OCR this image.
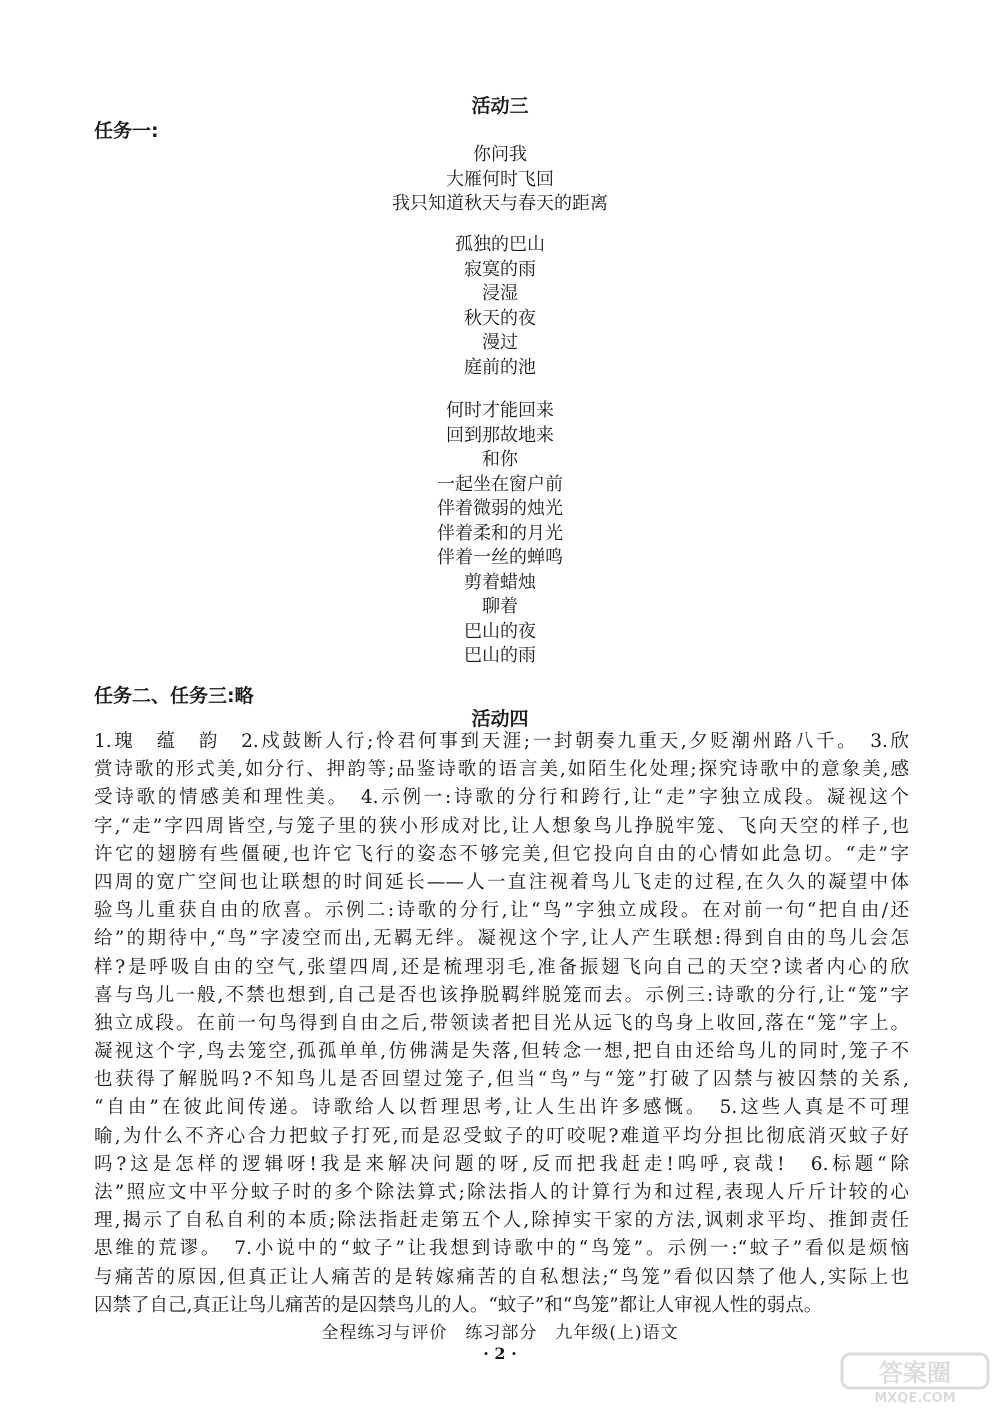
活动三
任务一:
你问我
大雁何时飞回
我只知道秋天与春天的距离
孤独的巴山
寂寞的雨
浸湿
秋天的夜
漫过
庭前的池
何时才能回来
回到那故地来
和你
一起坐在窗户前
伴着微弱的烛光
伴着柔和的月光
伴着一丝的蝉鸣
剪着蜡烛
聊着
巴山的夜
巴山的雨
任务二、任务三:略
活动四
1.瑰　蕴　韵　2.戍鼓断人行;怜君何事到天涯;一封朝奏九重天,夕贬潮州路八千。　3.欣
赏诗歌的形式美,如分行、押韵等;品鉴诗歌的语言美,如陌生化处理;探究诗歌中的意象美,感
受诗歌的情感美和理性美。　4.示例一:诗歌的分行和跨行,让“走”字独立成段。凝视这个
字,“走”字四周皆空,与笼子里的狭小形成对比,让人想象鸟儿挣脱牢笼、飞向天空的样子,也
许它的翅膀有些僵硬,也许它飞行的姿态不够完美,但它投向自由的心情如此急切。“走”字
四周的宽广空间也让联想的时间延长——人一直注视着鸟儿飞走的过程,在久久的凝望中体
验鸟儿重获自由的欣喜。示例二:诗歌的分行,让“鸟”字独立成段。在对前一句“把自由/还
给”的期待中,“鸟”字凌空而出,无羁无绊。凝视这个字,让人产生联想:得到自由的鸟儿会怎
样?是呼吸自由的空气,张望四周,还是梳理羽毛,准备振翅飞向自己的天空?读者内心的欣
喜与鸟儿一般,不禁也想到,自己是否也该挣脱羁绊脱笼而去。示例三:诗歌的分行,让“笼”字
独立成段。在前一句鸟得到自由之后,带领读者把目光从远飞的鸟身上收回,落在“笼”字上。
凝视这个字,鸟去笼空,孤孤单单,仿佛满是失落,但转念一想,把自由还给鸟儿的同时,笼子不
也获得了解脱吗?不知鸟儿是否回望过笼子,但当“鸟”与“笼”打破了囚禁与被囚禁的关系,
“自由”在彼此间传递。诗歌给人以哲理思考,让人生出许多感慨。　5.这些人真是不可理
喻,为什么不齐心合力把蚊子打死,而是忍受蚊子的叮咬呢?难道平均分担比彻底消灭蚊子好
吗?这是怎样的逻辑呀!我是来解决问题的呀,反而把我赶走!呜呼,哀哉!　6.标题“除
法”照应文中平分蚊子时的多个除法算式;除法指人的计算行为和过程,表现人斤斤计较的心
理,揭示了自私自利的本质;除法指赶走第五个人,除掉实干家的方法,讽刺求平均、推卸责任
思维的荒谬。　7.小说中的“蚊子”让我想到诗歌中的“鸟笼”。示例一:“蚊子”看似是烦恼
与痛苦的原因,但真正让人痛苦的是转嫁痛苦的自私想法;“鸟笼”看似囚禁了他人,实际上也
囚禁了自己,真正让鸟儿痛苦的是囚禁鸟儿的人。“蚊子”和“鸟笼”都让人审视人性的弱点。
全程练习与评价　练习部分　九年级(上)语文
· 2 ·
答案圈
MXQE.COM
